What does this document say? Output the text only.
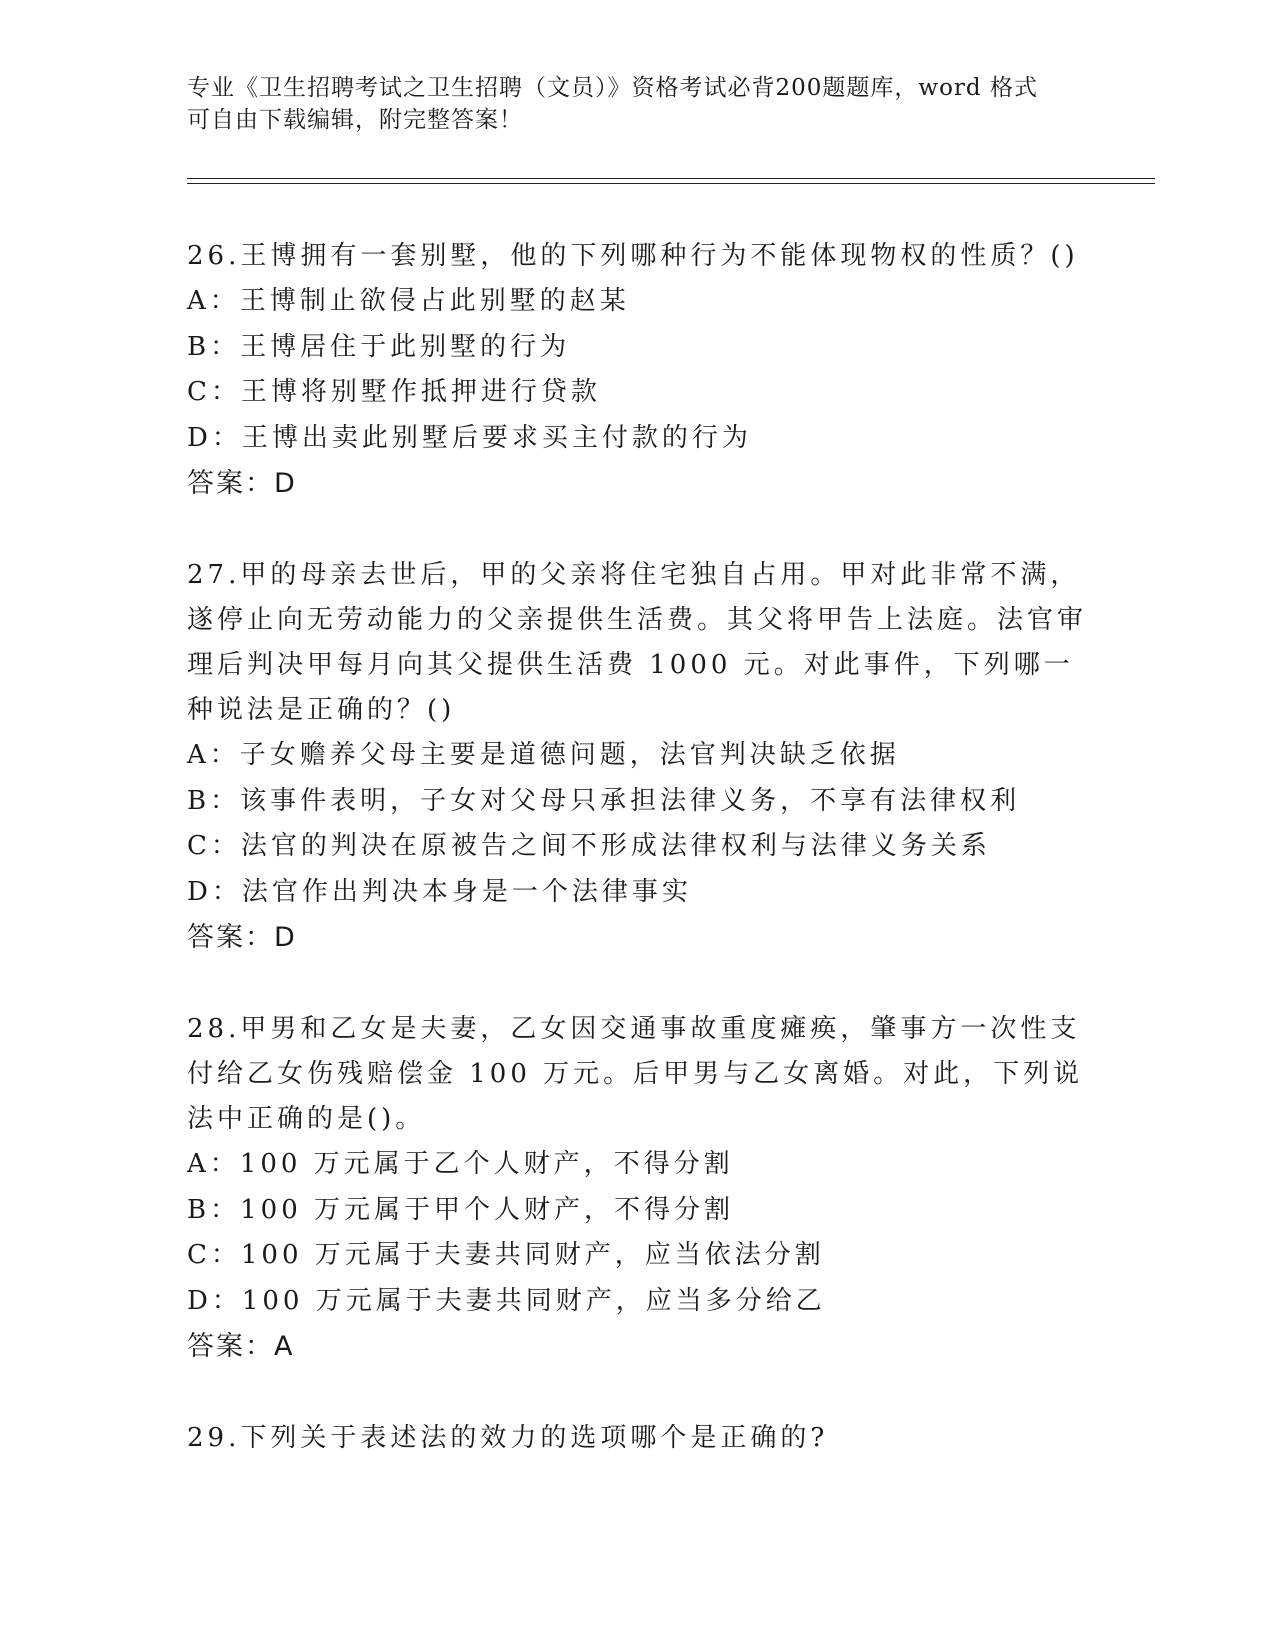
专业《卫生招聘考试之卫生招聘（文员）》资格考试必背200题题库，word 格式
可自由下载编辑，附完整答案！

26.王博拥有一套别墅，他的下列哪种行为不能体现物权的性质？()

A：王博制止欲侵占此别墅的赵某

B：王博居住于此别墅的行为

C：王博将别墅作抵押进行贷款

D：王博出卖此别墅后要求买主付款的行为

答案：D

27.甲的母亲去世后，甲的父亲将住宅独自占用。甲对此非常不满，遂停止向无劳动能力的父亲提供生活费。其父将甲告上法庭。法官审理后判决甲每月向其父提供生活费 1000 元。对此事件，下列哪一种说法是正确的？()

A：子女赡养父母主要是道德问题，法官判决缺乏依据

B：该事件表明，子女对父母只承担法律义务，不享有法律权利

C：法官的判决在原被告之间不形成法律权利与法律义务关系

D：法官作出判决本身是一个法律事实

答案：D

28.甲男和乙女是夫妻，乙女因交通事故重度瘫痪，肇事方一次性支付给乙女伤残赔偿金 100 万元。后甲男与乙女离婚。对此，下列说法中正确的是()。

A：100 万元属于乙个人财产，不得分割

B：100 万元属于甲个人财产，不得分割

C：100 万元属于夫妻共同财产，应当依法分割

D：100 万元属于夫妻共同财产，应当多分给乙

答案：A

29.下列关于表述法的效力的选项哪个是正确的?
